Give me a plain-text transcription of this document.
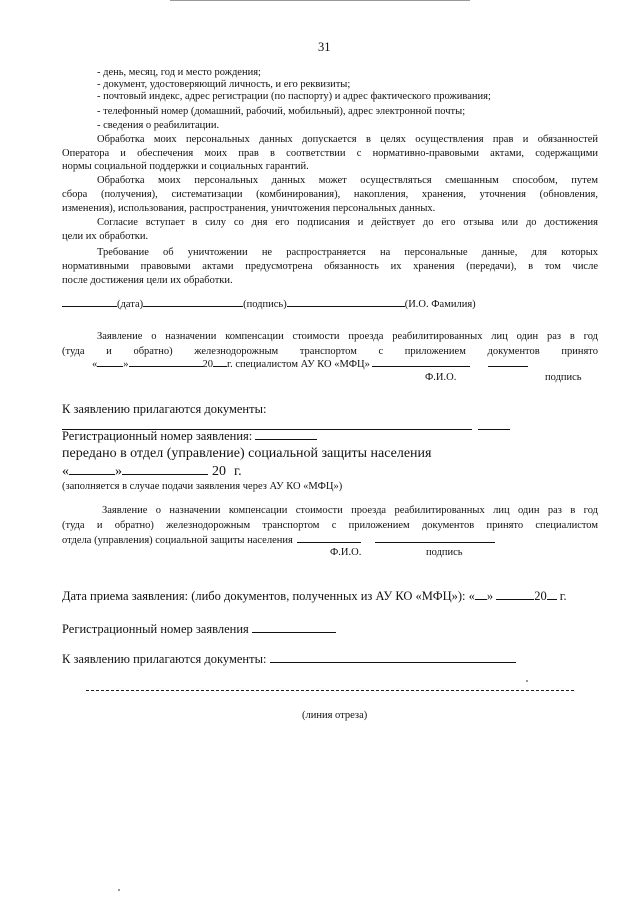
31
- день, месяц, год и место рождения;
- документ, удостоверяющий личность, и его реквизиты;
- почтовый индекс, адрес регистрации (по паспорту) и адрес фактического проживания;
- телефонный номер (домашний, рабочий, мобильный), адрес электронной почты;
- сведения о реабилитации.
Обработка моих персональных данных допускается в целях осуществления прав и обязанностей
Оператора и обеспечения моих прав в соответствии с нормативно-правовыми актами, содержащими
нормы социальной поддержки и социальных гарантий.
Обработка моих персональных данных может осуществляться смешанным способом, путем
сбора (получения), систематизации (комбинирования), накопления, хранения, уточнения (обновления,
изменения), использования, распространения, уничтожения персональных данных.
Согласие вступает в силу со дня его подписания и действует до его отзыва или до достижения
цели их обработки.
Требование об уничтожении не распространяется на персональные данные, для которых
нормативными правовыми актами предусмотрена обязанность их хранения (передачи), в том числе
после достижения цели их обработки.
(дата)	(подпись)	(И.О. Фамилия)
Заявление о назначении компенсации стоимости проезда реабилитированных лиц один раз в год
(туда и обратно) железнодорожным транспортом с приложением документов принято
« »	20 г. специалистом АУ КО «МФЦ»
Ф.И.О.	подпись
К заявлению прилагаются документы:
Регистрационный номер заявления:
передано в отдел (управление) социальной защиты населения
«	»	20 г.
(заполняется в случае подачи заявления через АУ КО «МФЦ»)
Заявление о назначении компенсации стоимости проезда реабилитированных лиц один раз в год
(туда и обратно) железнодорожным транспортом с приложением документов принято специалистом
отдела (управления) социальной защиты населения
Ф.И.О.	подпись
Дата приема заявления: (либо документов, полученных из АУ КО «МФЦ»): « »	20 г.
Регистрационный номер заявления
К заявлению прилагаются документы:
(линия отреза)
